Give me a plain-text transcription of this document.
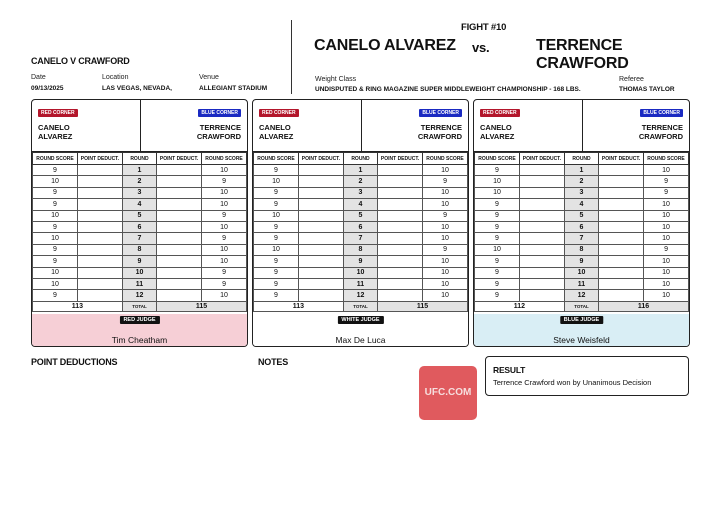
FIGHT #10
CANELO ALVAREZ vs.	TERRENCE CRAWFORD
CANELO V CRAWFORD
Date
09/13/2025
Location
LAS VEGAS, NEVADA,
Venue
ALLEGIANT STADIUM
Weight Class
UNDISPUTED & RING MAGAZINE SUPER MIDDLEWEIGHT CHAMPIONSHIP - 168 LBS.
Referee
THOMAS TAYLOR
RED CORNER
CANELO
ALVAREZ
BLUE CORNER
TERRENCE
CRAWFORD
ROUND SCORE	POINT DEDUCT.	ROUND	POINT DEDUCT.	ROUND SCORE
9		1		10
10		2		9
9		3		10
9		4		10
10		5		9
9		6		10
10		7		9
9		8		10
9		9		10
10		10		9
10		11		9
9		12		10
113		TOTAL	115	
RED JUDGE
Tim Cheatham
RED CORNER
CANELO
ALVAREZ
BLUE CORNER
TERRENCE
CRAWFORD
ROUND SCORE	POINT DEDUCT.	ROUND	POINT DEDUCT.	ROUND SCORE
9		1		10
10		2		9
9		3		10
9		4		10
10		5		9
9		6		10
9		7		10
10		8		9
9		9		10
9		10		10
9		11		10
9		12		10
113		TOTAL	115	
WHITE JUDGE
Max De Luca
RED CORNER
CANELO
ALVAREZ
BLUE CORNER
TERRENCE
CRAWFORD
ROUND SCORE	POINT DEDUCT.	ROUND	POINT DEDUCT.	ROUND SCORE
9		1		10
10		2		9
10		3		9
9		4		10
9		5		10
9		6		10
9		7		10
10		8		9
9		9		10
9		10		10
9		11		10
9		12		10
112		TOTAL	116	
BLUE JUDGE
Steve Weisfeld
POINT DEDUCTIONS	NOTES
UFC.COM
RESULT
Terrence Crawford won by Unanimous Decision
